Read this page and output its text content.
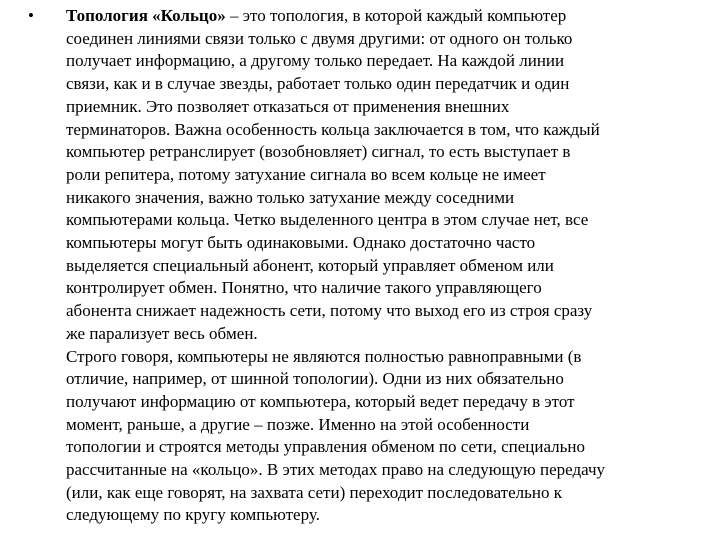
• Топология «Кольцо» – это топология, в которой каждый компьютер
соединен линиями связи только с двумя другими: от одного он только
получает информацию, а другому только передает. На каждой линии
связи, как и в случае звезды, работает только один передатчик и один
приемник. Это позволяет отказаться от применения внешних
терминаторов. Важна особенность кольца заключается в том, что каждый
компьютер ретранслирует (возобновляет) сигнал, то есть выступает в
роли репитера, потому затухание сигнала во всем кольце не имеет
никакого значения, важно только затухание между соседними
компьютерами кольца. Четко выделенного центра в этом случае нет, все
компьютеры могут быть одинаковыми. Однако достаточно часто
выделяется специальный абонент, который управляет обменом или
контролирует обмен. Понятно, что наличие такого управляющего
абонента снижает надежность сети, потому что выход его из строя сразу
же парализует весь обмен.
Строго говоря, компьютеры не являются полностью равноправными (в
отличие, например, от шинной топологии). Одни из них обязательно
получают информацию от компьютера, который ведет передачу в этот
момент, раньше, а другие – позже. Именно на этой особенности
топологии и строятся методы управления обменом по сети, специально
рассчитанные на «кольцо». В этих методах право на следующую передачу
(или, как еще говорят, на захвата сети) переходит последовательно к
следующему по кругу компьютеру.
